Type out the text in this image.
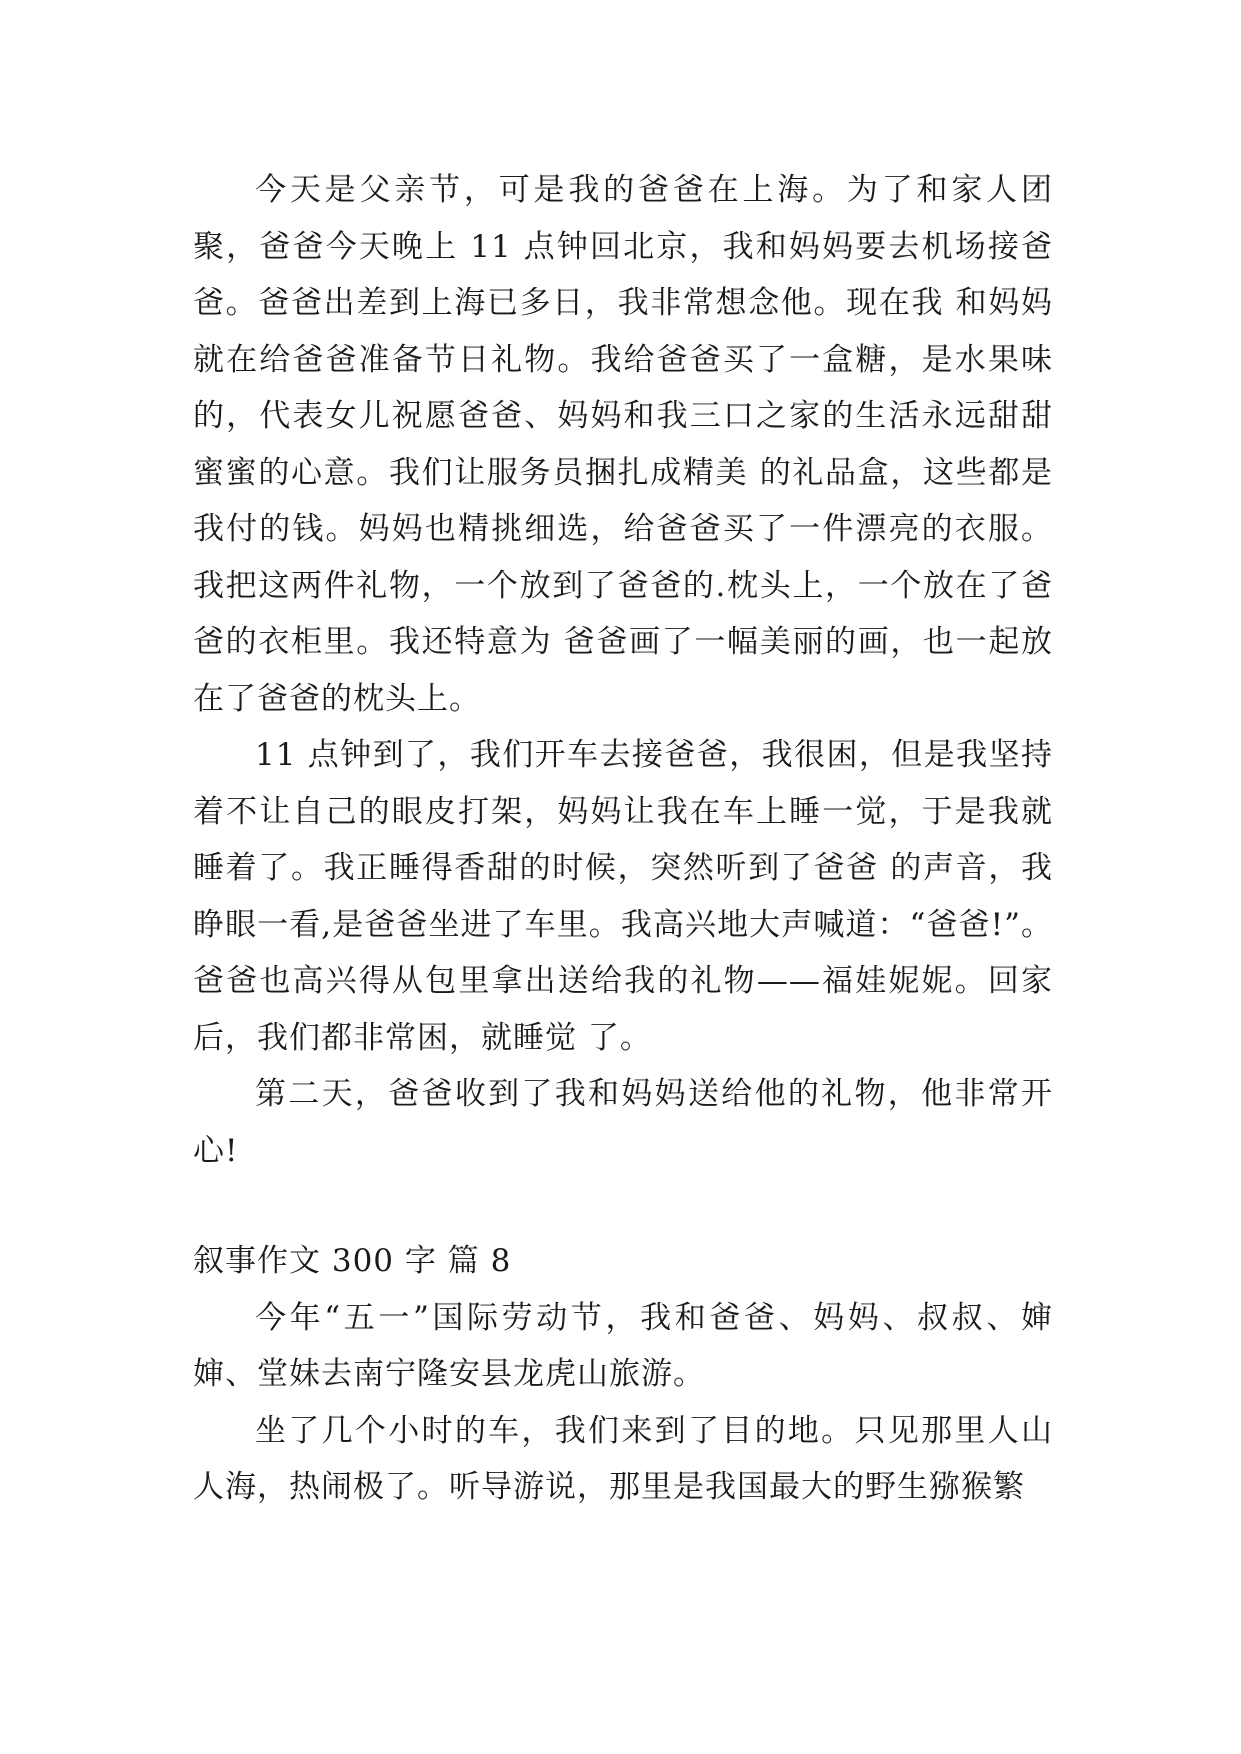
今天是父亲节，可是我的爸爸在上海。为了和家人团聚，爸爸今天晚上 11 点钟回北京，我和妈妈要去机场接爸爸。爸爸出差到上海已多日，我非常想念他。现在我 和妈妈就在给爸爸准备节日礼物。我给爸爸买了一盒糖，是水果味的，代表女儿祝愿爸爸、妈妈和我三口之家的生活永远甜甜蜜蜜的心意。我们让服务员捆扎成精美 的礼品盒，这些都是我付的钱。妈妈也精挑细选，给爸爸买了一件漂亮的衣服。我把这两件礼物，一个放到了爸爸的.枕头上，一个放在了爸爸的衣柜里。我还特意为 爸爸画了一幅美丽的画，也一起放在了爸爸的枕头上。

11 点钟到了，我们开车去接爸爸，我很困，但是我坚持着不让自己的眼皮打架，妈妈让我在车上睡一觉，于是我就睡着了。我正睡得香甜的时候，突然听到了爸爸 的声音，我睁眼一看,是爸爸坐进了车里。我高兴地大声喊道：“爸爸!”。爸爸也高兴得从包里拿出送给我的礼物——福娃妮妮。回家后，我们都非常困，就睡觉 了。

第二天，爸爸收到了我和妈妈送给他的礼物，他非常开心!

叙事作文 300 字 篇 8

今年“五一”国际劳动节，我和爸爸、妈妈、叔叔、婶婶、堂妹去南宁隆安县龙虎山旅游。

坐了几个小时的车，我们来到了目的地。只见那里人山人海，热闹极了。听导游说，那里是我国最大的野生猕猴繁
